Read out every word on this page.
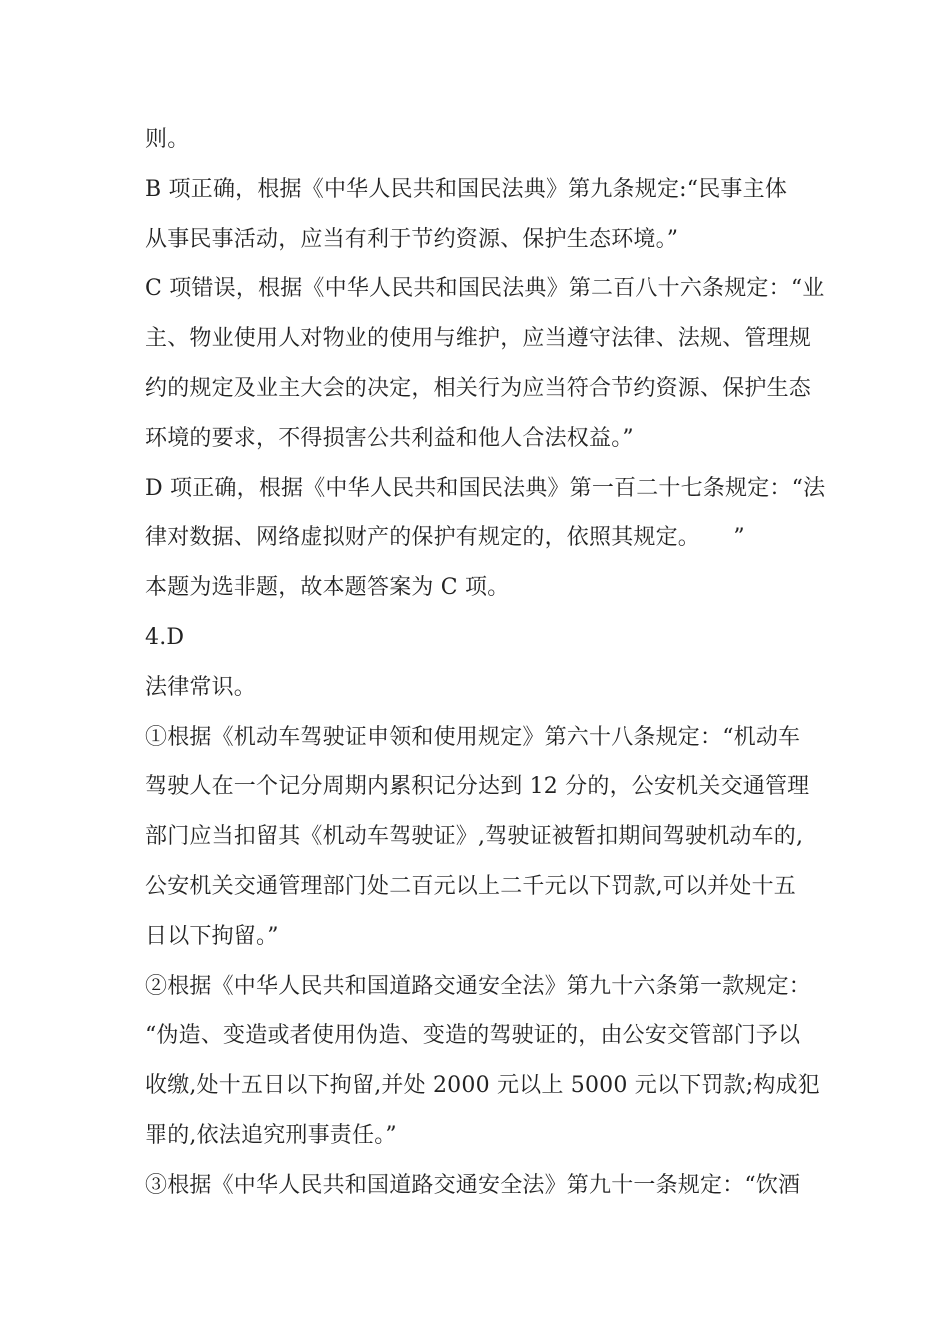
则。
B 项正确，根据《中华人民共和国民法典》第九条规定:“民事主体
从事民事活动，应当有利于节约资源、保护生态环境。”
C 项错误，根据《中华人民共和国民法典》第二百八十六条规定：“业
主、物业使用人对物业的使用与维护，应当遵守法律、法规、管理规
约的规定及业主大会的决定，相关行为应当符合节约资源、保护生态
环境的要求，不得损害公共利益和他人合法权益。”
D 项正确，根据《中华人民共和国民法典》第一百二十七条规定：“法
律对数据、网络虚拟财产的保护有规定的，依照其规定。　　”
本题为选非题，故本题答案为 C 项。
4.D
法律常识。
①根据《机动车驾驶证申领和使用规定》第六十八条规定：“机动车
驾驶人在一个记分周期内累积记分达到 12 分的，公安机关交通管理
部门应当扣留其《机动车驾驶证》,驾驶证被暂扣期间驾驶机动车的,
公安机关交通管理部门处二百元以上二千元以下罚款,可以并处十五
日以下拘留。”
②根据《中华人民共和国道路交通安全法》第九十六条第一款规定：
“伪造、变造或者使用伪造、变造的驾驶证的，由公安交管部门予以
收缴,处十五日以下拘留,并处 2000 元以上 5000 元以下罚款;构成犯
罪的,依法追究刑事责任。”
③根据《中华人民共和国道路交通安全法》第九十一条规定：“饮酒
